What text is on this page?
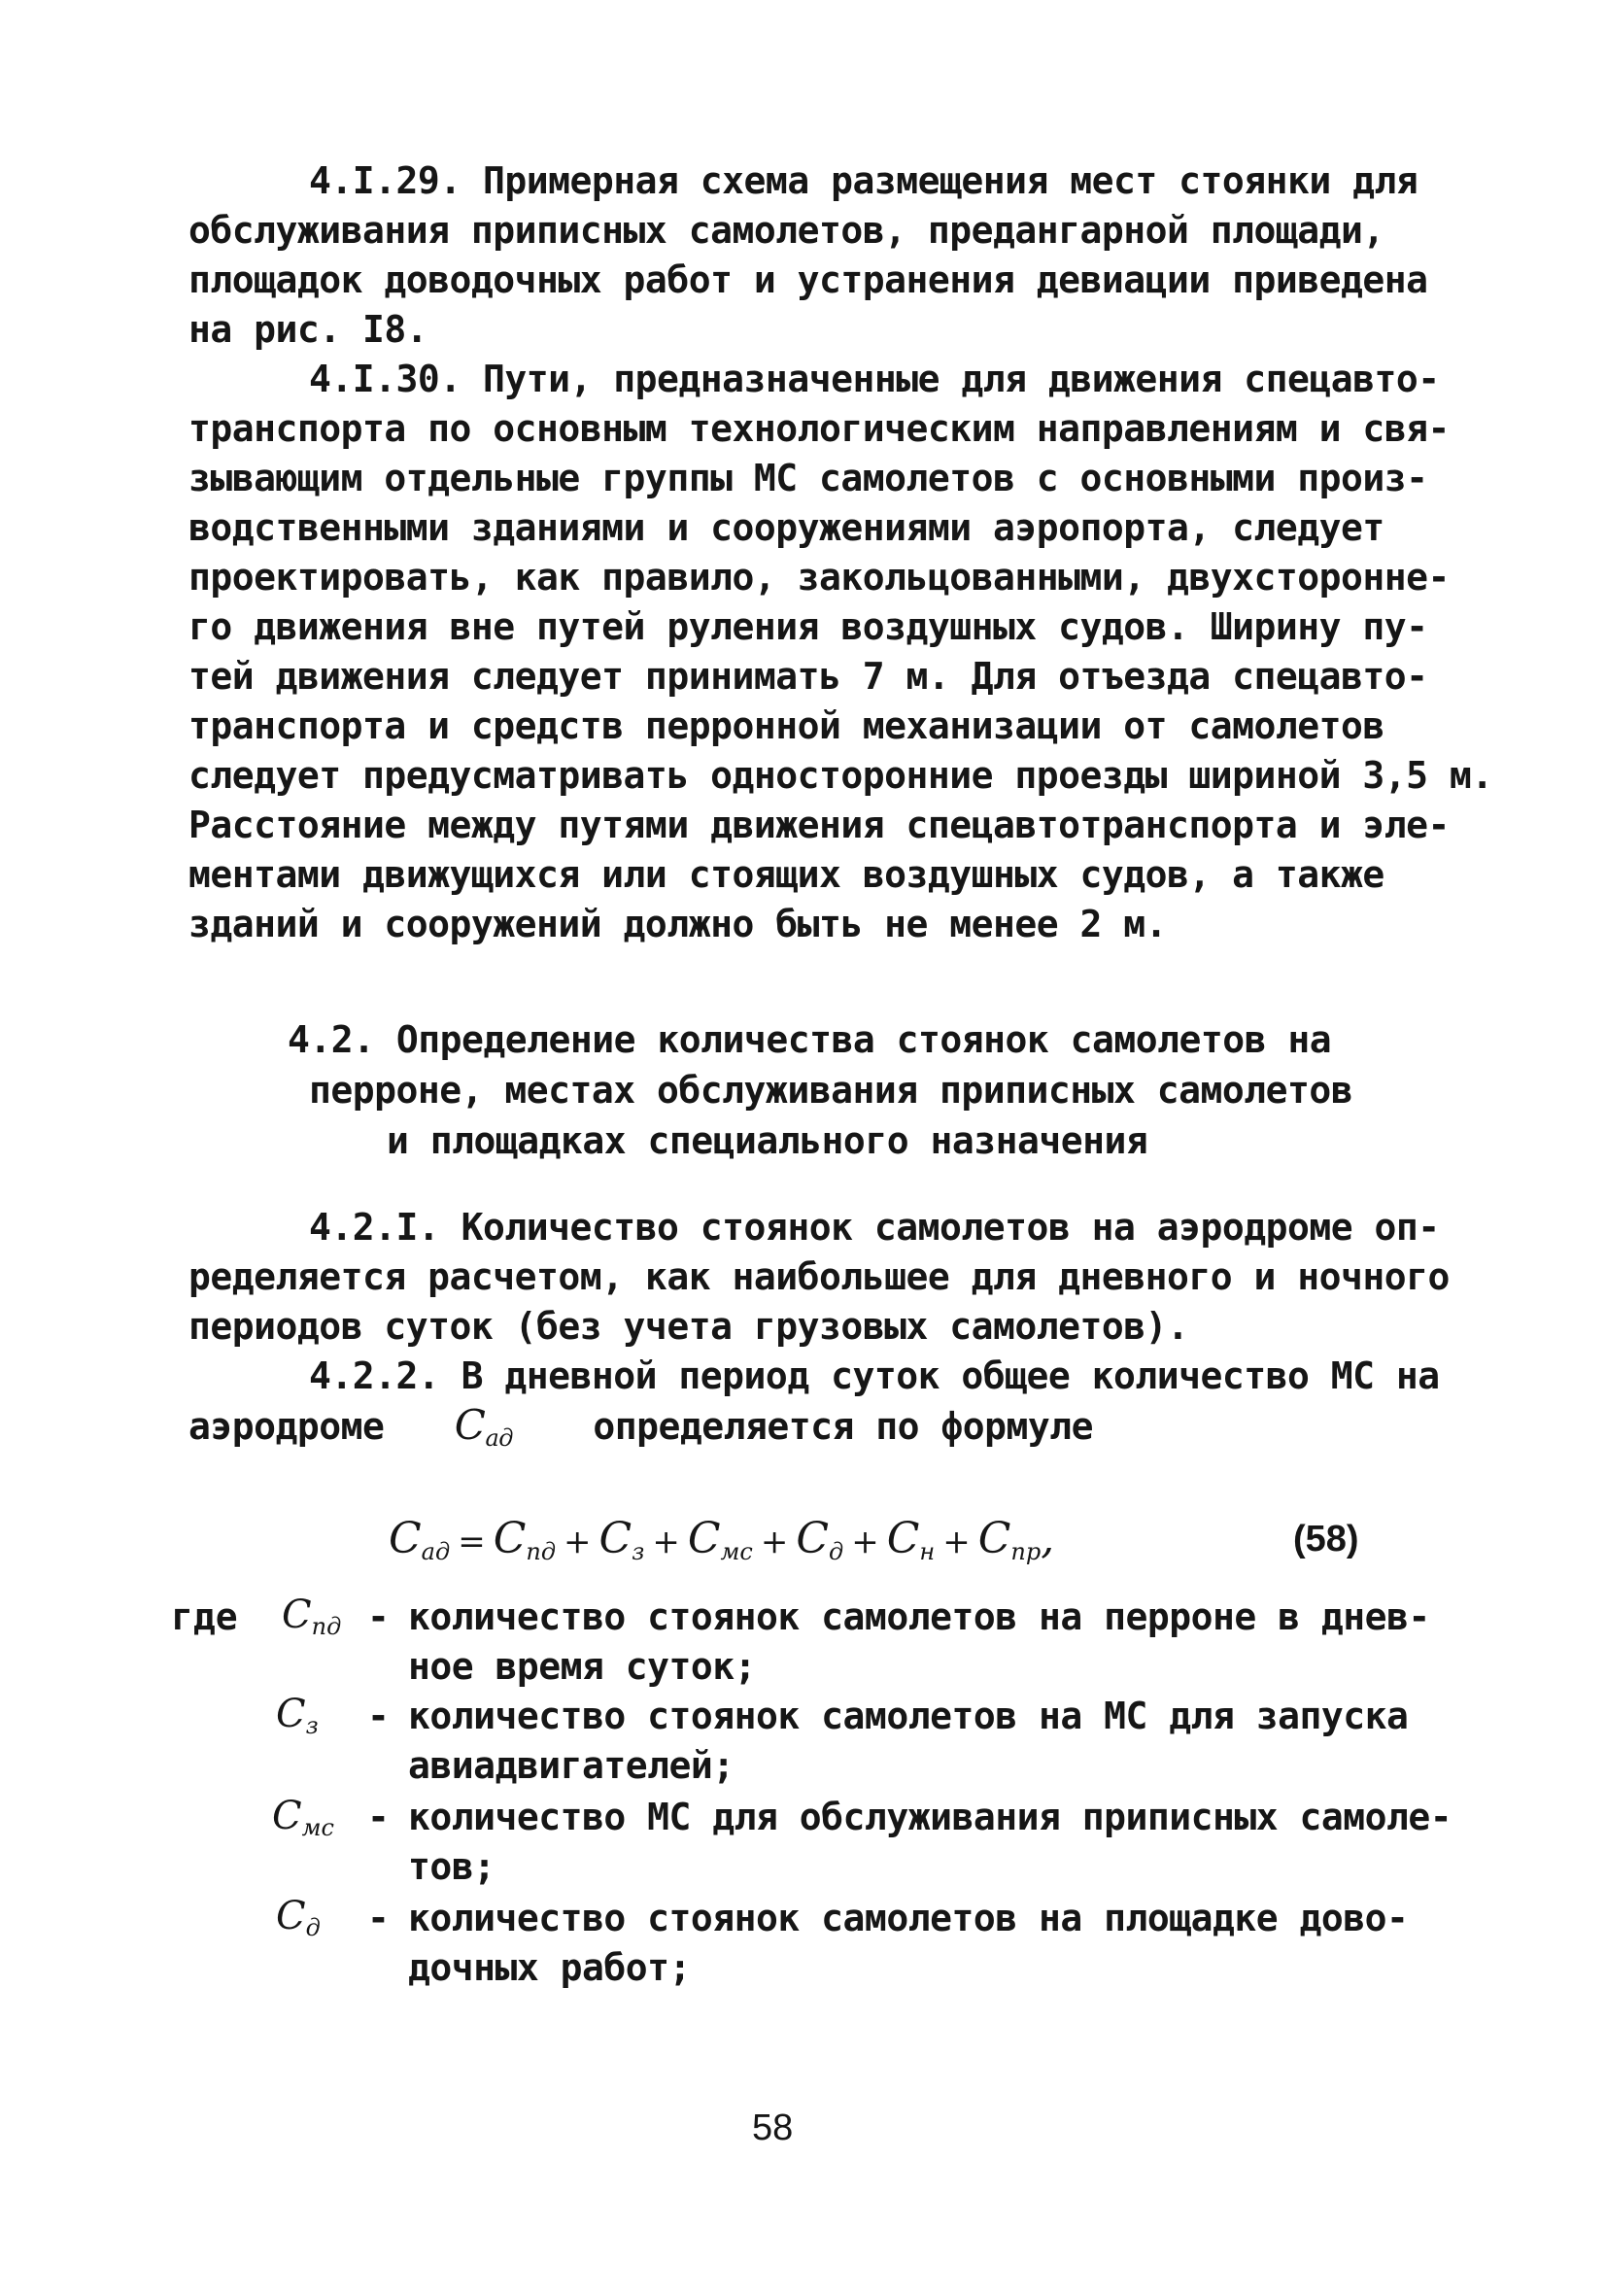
4.I.29. Примерная схема размещения мест стоянки для

обслуживания приписных самолетов, предангарной площади,

площадок доводочных работ и устранения девиации приведена

на рис. I8.

4.I.30. Пути, предназначенные для движения спецавто-

транспорта по основным технологическим направлениям и свя-

зывающим отдельные группы МС самолетов с основными произ-

водственными зданиями и сооружениями аэропорта, следует

проектировать, как правило, закольцованными, двухстороннe-

го движения вне путей руления воздушных судов. Ширину пу-

тей движения следует принимать 7 м. Для отъезда спецавто-

транспорта и средств перронной механизации от самолетов

следует предусматривать односторонние проезды шириной 3,5 м.

Расстояние между путями движения спецавтотранспорта и эле-

ментами движущихся или стоящих воздушных судов, а также

зданий и сооружений должно быть не менее 2 м.

4.2. Определение количества стоянок самолетов на

перроне, местах обслуживания приписных самолетов

и площадках специального назначения

4.2.I. Количество стоянок самолетов на аэродроме оп-

ределяется расчетом, как наибольшее для дневного и ночного

периодов суток (без учета грузовых самолетов).

4.2.2. В дневной период суток общее количество МС на

аэродроме $C_{ад}$ определяется по формуле

$C_{ад} = C_{пд} + C_з + C_{мс} + C_д + C_н + C_{пр}$,	(58)
где $C_{пд}$ - количество стоянок самолетов на перроне в днев-

ное время суток;

$C_з$ - количество стоянок самолетов на МС для запуска

авиадвигателей;

$C_{мс}$ - количество МС для обслуживания приписных самоле-

тов;

$C_д$ - количество стоянок самолетов на площадке дово-

дочных работ;

58
